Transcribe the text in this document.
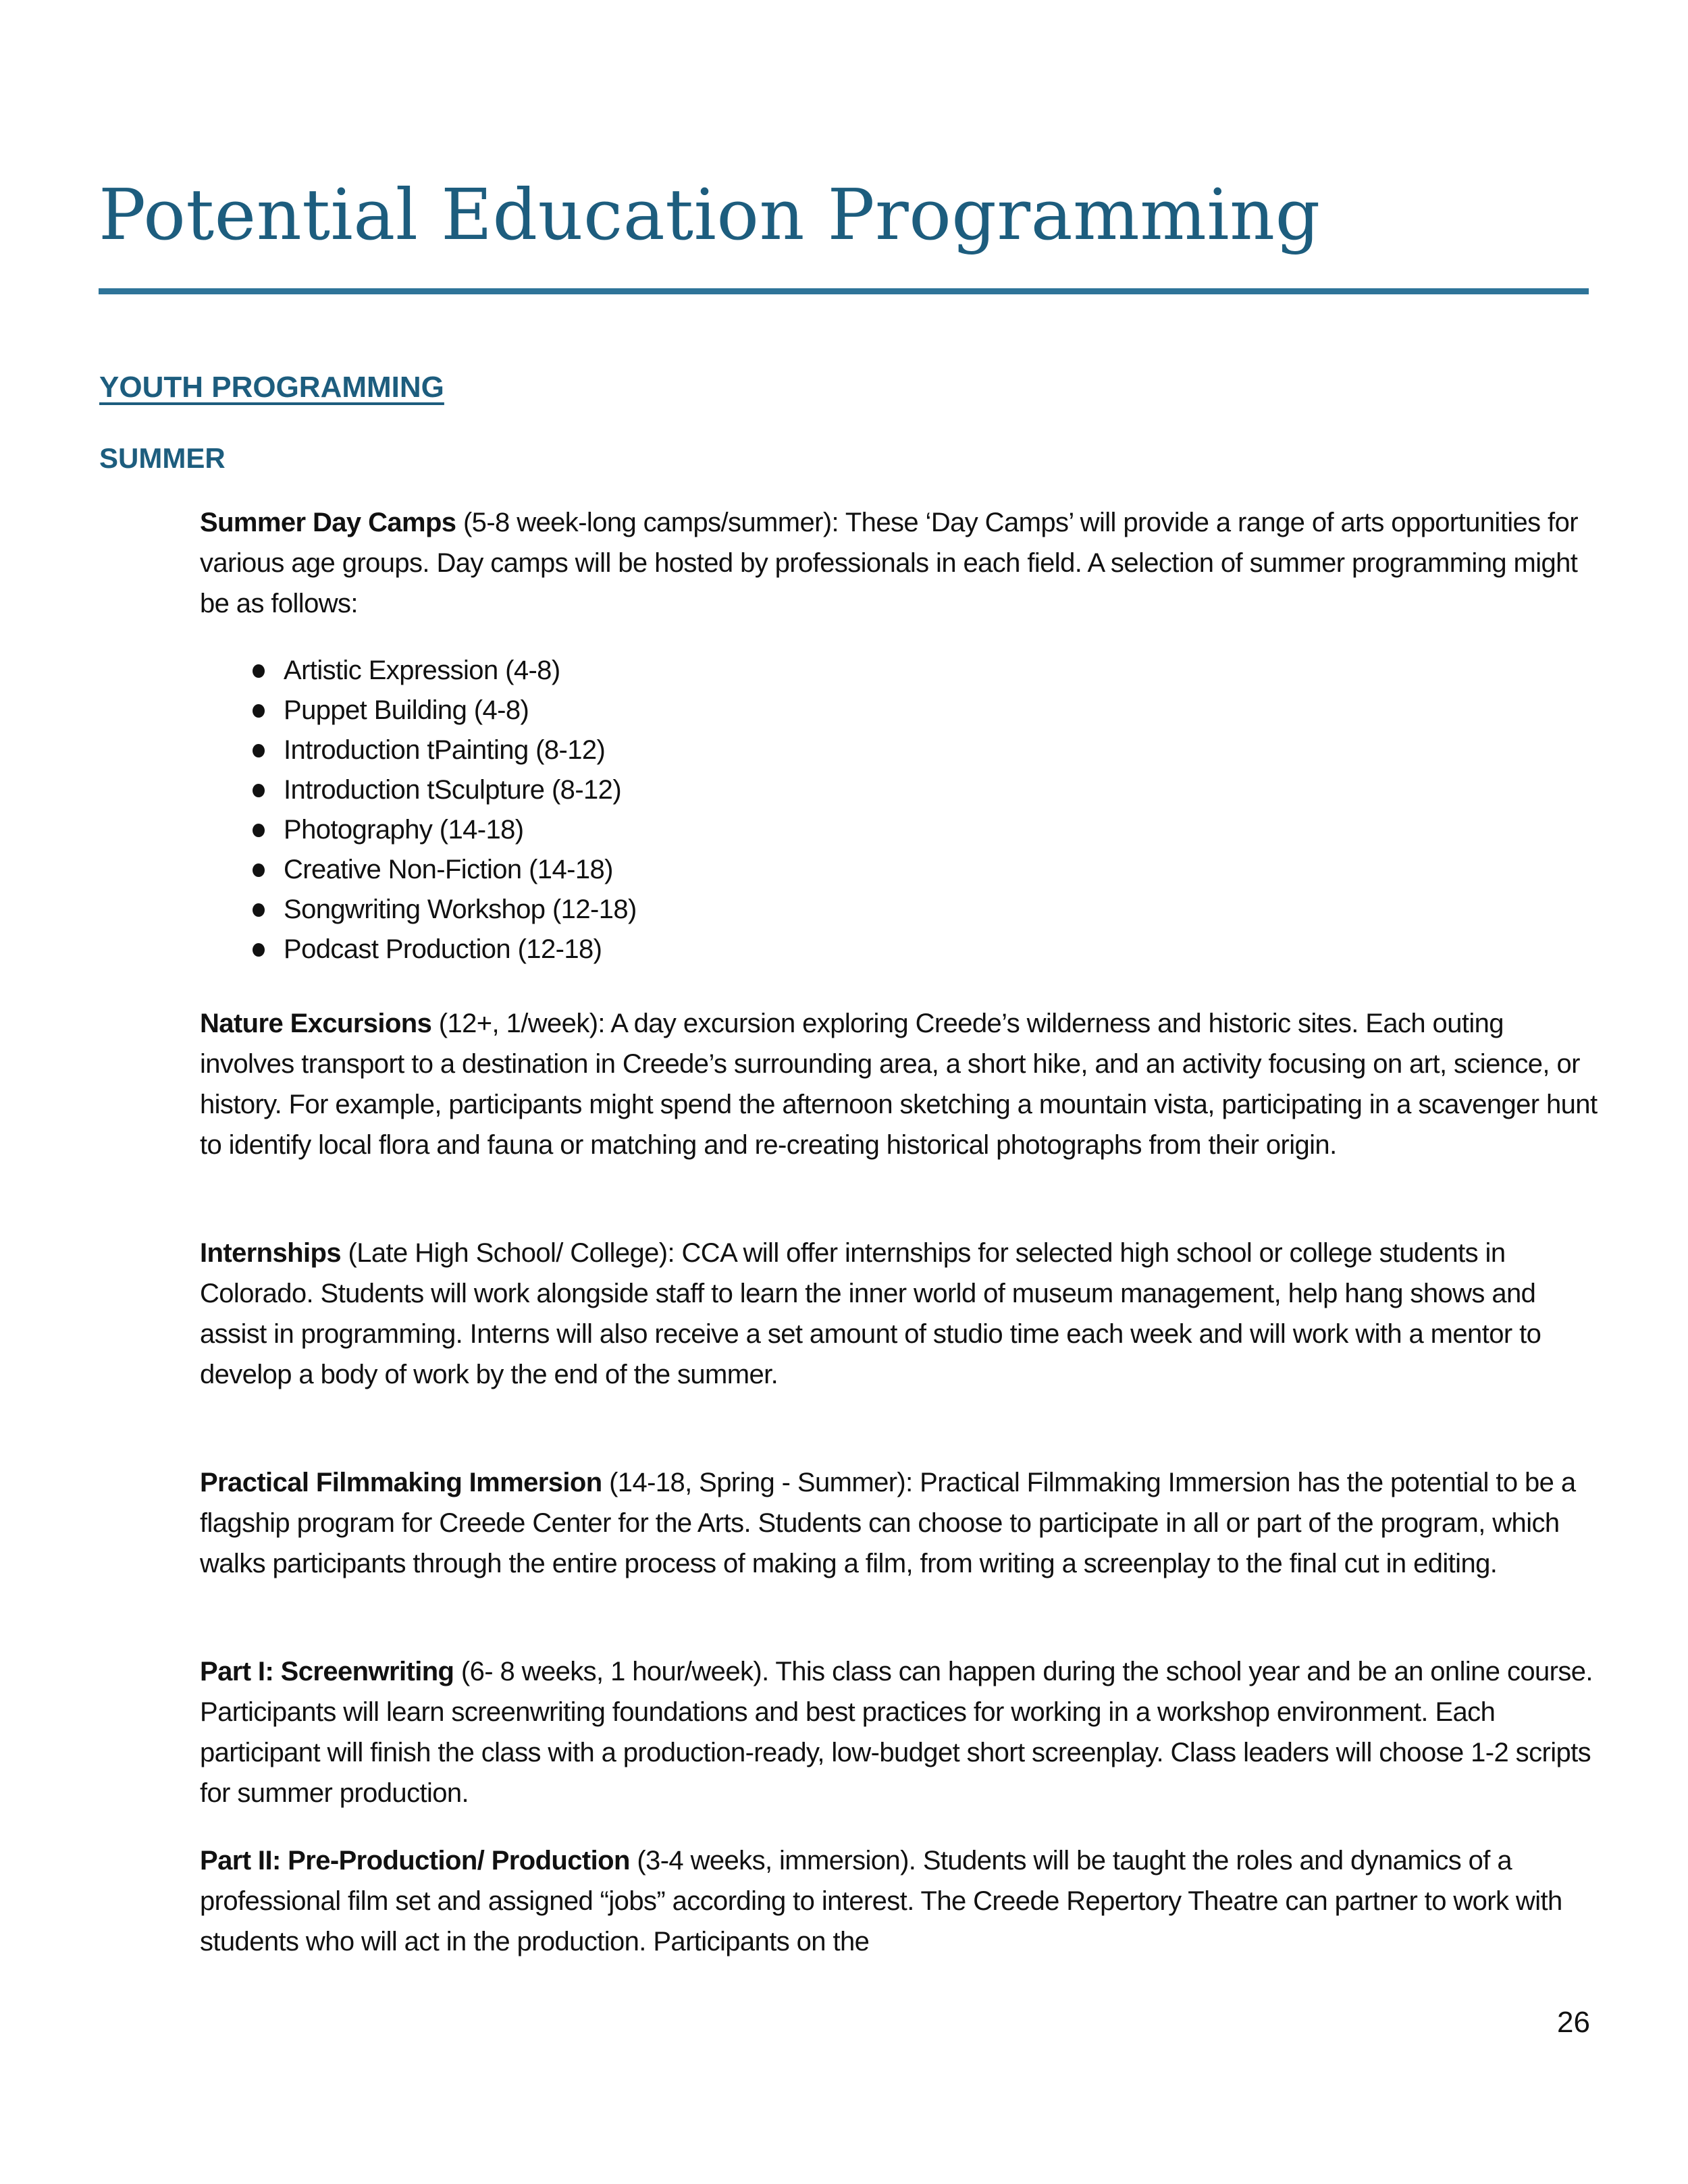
Potential Education Programming
YOUTH PROGRAMMING
SUMMER

Summer Day Camps (5-8 week-long camps/summer): These ‘Day Camps’ will provide a range of arts opportunities for various age groups. Day camps will be hosted by professionals in each field. A selection of summer programming might be as follows:

Artistic Expression (4-8)
Puppet Building (4-8)
Introduction tPainting (8-12)
Introduction tSculpture (8-12)
Photography (14-18)
Creative Non-Fiction (14-18)
Songwriting Workshop (12-18)
Podcast Production (12-18)

Nature Excursions (12+, 1/week): A day excursion exploring Creede’s wilderness and historic sites. Each outing involves transport to a destination in Creede’s surrounding area, a short hike, and an activity focusing on art, science, or history. For example, participants might spend the afternoon sketching a mountain vista, participating in a scavenger hunt to identify local flora and fauna or matching and re-creating historical photographs from their origin.

Internships (Late High School/ College): CCA will offer internships for selected high school or college students in Colorado. Students will work alongside staff to learn the inner world of museum management, help hang shows and assist in programming. Interns will also receive a set amount of studio time each week and will work with a mentor to develop a body of work by the end of the summer.

Practical Filmmaking Immersion (14-18, Spring - Summer): Practical Filmmaking Immersion has the potential to be a flagship program for Creede Center for the Arts. Students can choose to participate in all or part of the program, which walks participants through the entire process of making a film, from writing a screenplay to the final cut in editing.

Part I: Screenwriting (6- 8 weeks, 1 hour/week). This class can happen during the school year and be an online course. Participants will learn screenwriting foundations and best practices for working in a workshop environment. Each participant will finish the class with a production-ready, low-budget short screenplay. Class leaders will choose 1-2 scripts for summer production.

Part II: Pre-Production/ Production (3-4 weeks, immersion). Students will be taught the roles and dynamics of a professional film set and assigned “jobs” according to interest. The Creede Repertory Theatre can partner to work with students who will act in the production. Participants on the

26
